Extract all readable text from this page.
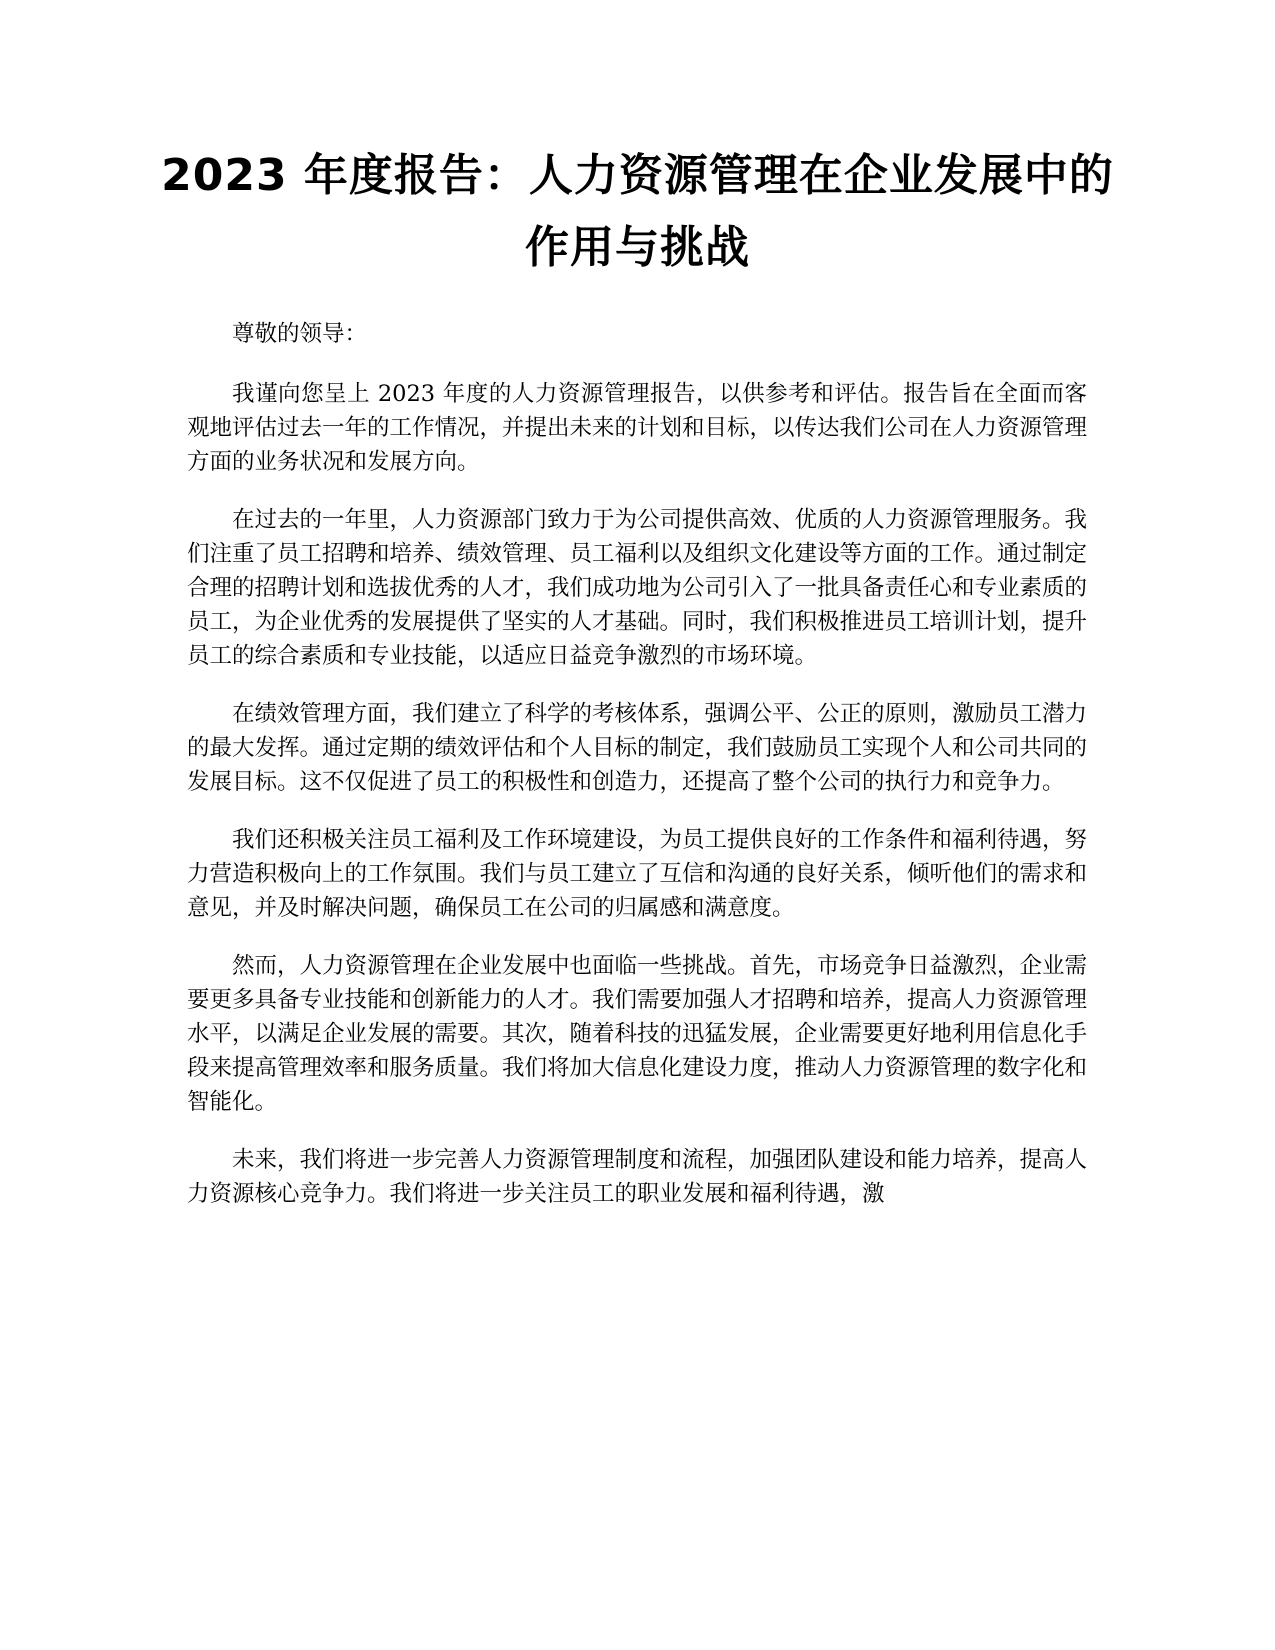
2023 年度报告：人力资源管理在企业发展中的作用与挑战

尊敬的领导：

我谨向您呈上 2023 年度的人力资源管理报告，以供参考和评估。报告旨在全面而客观地评估过去一年的工作情况，并提出未来的计划和目标，以传达我们公司在人力资源管理方面的业务状况和发展方向。

在过去的一年里，人力资源部门致力于为公司提供高效、优质的人力资源管理服务。我们注重了员工招聘和培养、绩效管理、员工福利以及组织文化建设等方面的工作。通过制定合理的招聘计划和选拔优秀的人才，我们成功地为公司引入了一批具备责任心和专业素质的员工，为企业优秀的发展提供了坚实的人才基础。同时，我们积极推进员工培训计划，提升员工的综合素质和专业技能，以适应日益竞争激烈的市场环境。

在绩效管理方面，我们建立了科学的考核体系，强调公平、公正的原则，激励员工潜力的最大发挥。通过定期的绩效评估和个人目标的制定，我们鼓励员工实现个人和公司共同的发展目标。这不仅促进了员工的积极性和创造力，还提高了整个公司的执行力和竞争力。

我们还积极关注员工福利及工作环境建设，为员工提供良好的工作条件和福利待遇，努力营造积极向上的工作氛围。我们与员工建立了互信和沟通的良好关系，倾听他们的需求和意见，并及时解决问题，确保员工在公司的归属感和满意度。

然而，人力资源管理在企业发展中也面临一些挑战。首先，市场竞争日益激烈，企业需要更多具备专业技能和创新能力的人才。我们需要加强人才招聘和培养，提高人力资源管理水平，以满足企业发展的需要。其次，随着科技的迅猛发展，企业需要更好地利用信息化手段来提高管理效率和服务质量。我们将加大信息化建设力度，推动人力资源管理的数字化和智能化。

未来，我们将进一步完善人力资源管理制度和流程，加强团队建设和能力培养，提高人力资源核心竞争力。我们将进一步关注员工的职业发展和福利待遇，激
